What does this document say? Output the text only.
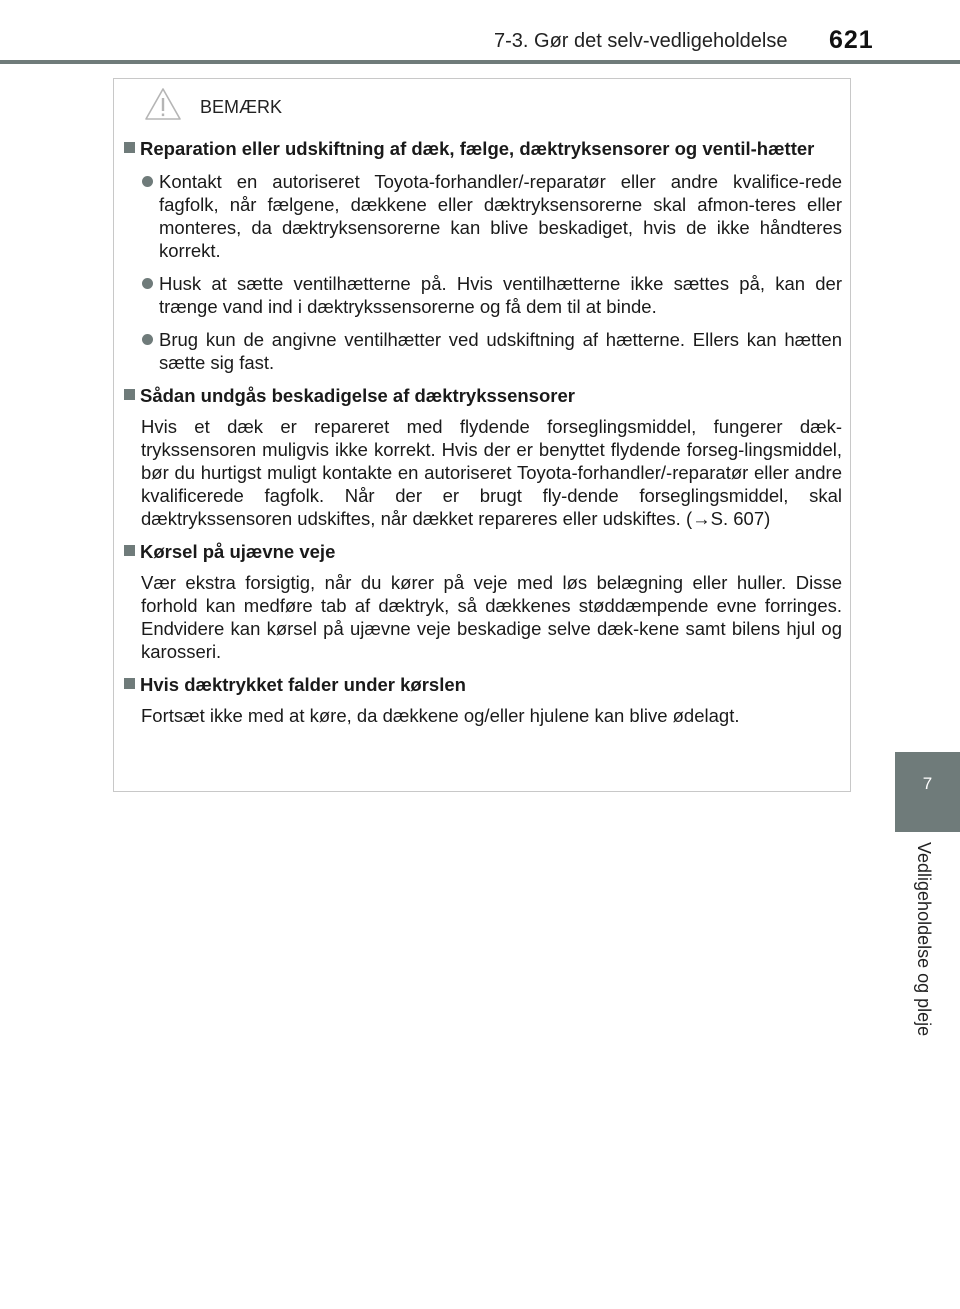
7-3. Gør det selv-vedligeholdelse 621
7
Vedligeholdelse og pleje
BEMÆRK
Reparation eller udskiftning af dæk, fælge, dæktryksensorer og ventil-hætter
Kontakt en autoriseret Toyota-forhandler/-reparatør eller andre kvalifice-rede fagfolk, når fælgene, dækkene eller dæktryksensorerne skal afmon-teres eller monteres, da dæktryksensorerne kan blive beskadiget, hvis de ikke håndteres korrekt.
Husk at sætte ventilhætterne på. Hvis ventilhætterne ikke sættes på, kan der trænge vand ind i dæktrykssensorerne og få dem til at binde.
Brug kun de angivne ventilhætter ved udskiftning af hætterne. Ellers kan hætten sætte sig fast.
Sådan undgås beskadigelse af dæktrykssensorer
Hvis et dæk er repareret med flydende forseglingsmiddel, fungerer dæk-trykssensoren muligvis ikke korrekt. Hvis der er benyttet flydende forseg-lingsmiddel, bør du hurtigst muligt kontakte en autoriseret Toyota-forhandler/-reparatør eller andre kvalificerede fagfolk. Når der er brugt fly-dende forseglingsmiddel, skal dæktrykssensoren udskiftes, når dækket repareres eller udskiftes. (→S. 607)
Kørsel på ujævne veje
Vær ekstra forsigtig, når du kører på veje med løs belægning eller huller. Disse forhold kan medføre tab af dæktryk, så dækkenes støddæmpende evne forringes. Endvidere kan kørsel på ujævne veje beskadige selve dæk-kene samt bilens hjul og karosseri.
Hvis dæktrykket falder under kørslen
Fortsæt ikke med at køre, da dækkene og/eller hjulene kan blive ødelagt.
